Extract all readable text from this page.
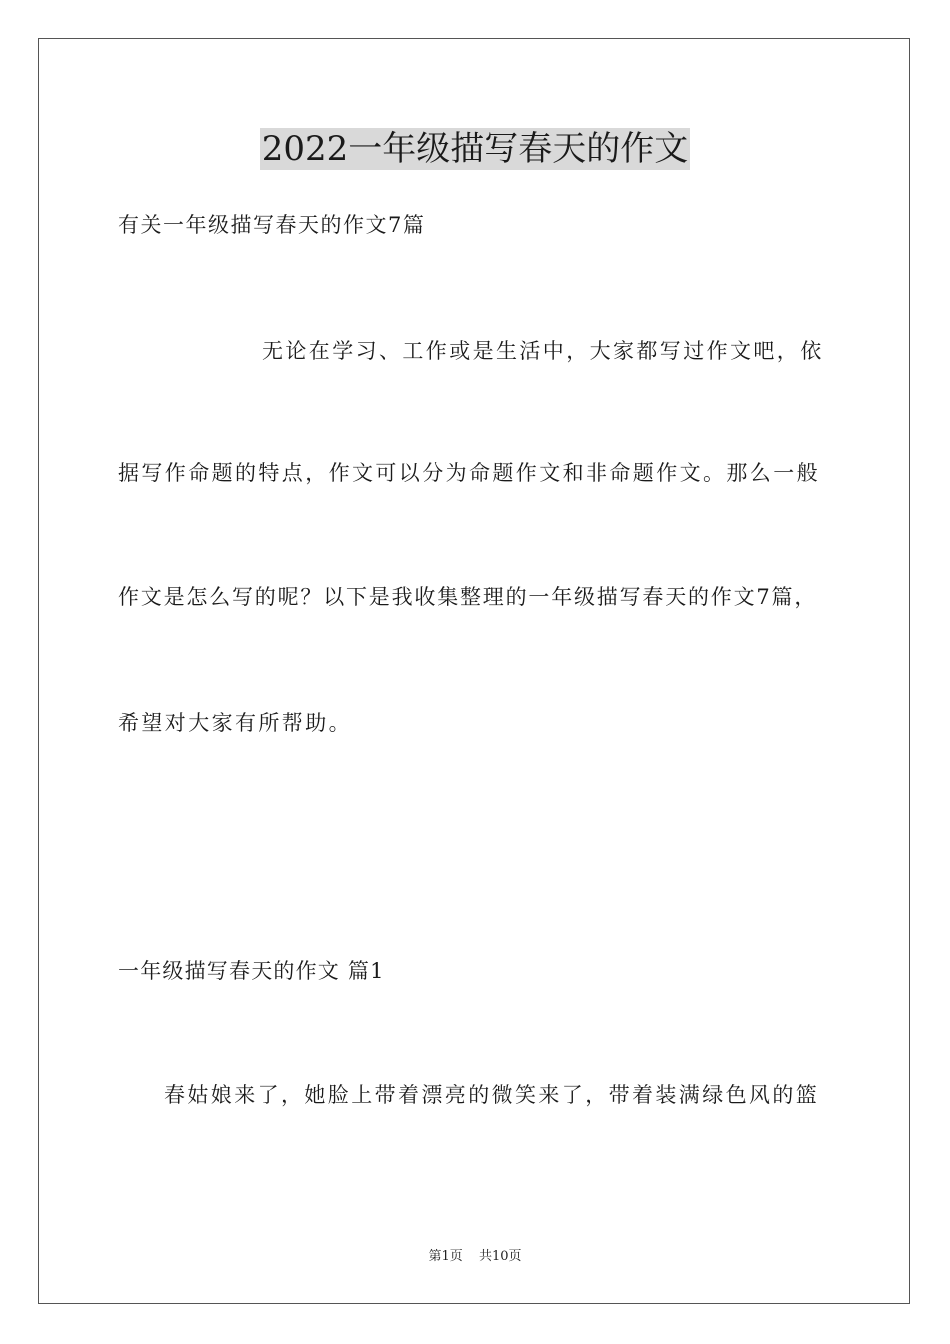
2022一年级描写春天的作文
有关一年级描写春天的作文7篇
无论在学习、工作或是生活中，大家都写过作文吧，依
据写作命题的特点，作文可以分为命题作文和非命题作文。那么一般
作文是怎么写的呢？以下是我收集整理的一年级描写春天的作文7篇，
希望对大家有所帮助。
一年级描写春天的作文 篇1
春姑娘来了，她脸上带着漂亮的微笑来了，带着装满绿色风的篮
第1页 共10页
